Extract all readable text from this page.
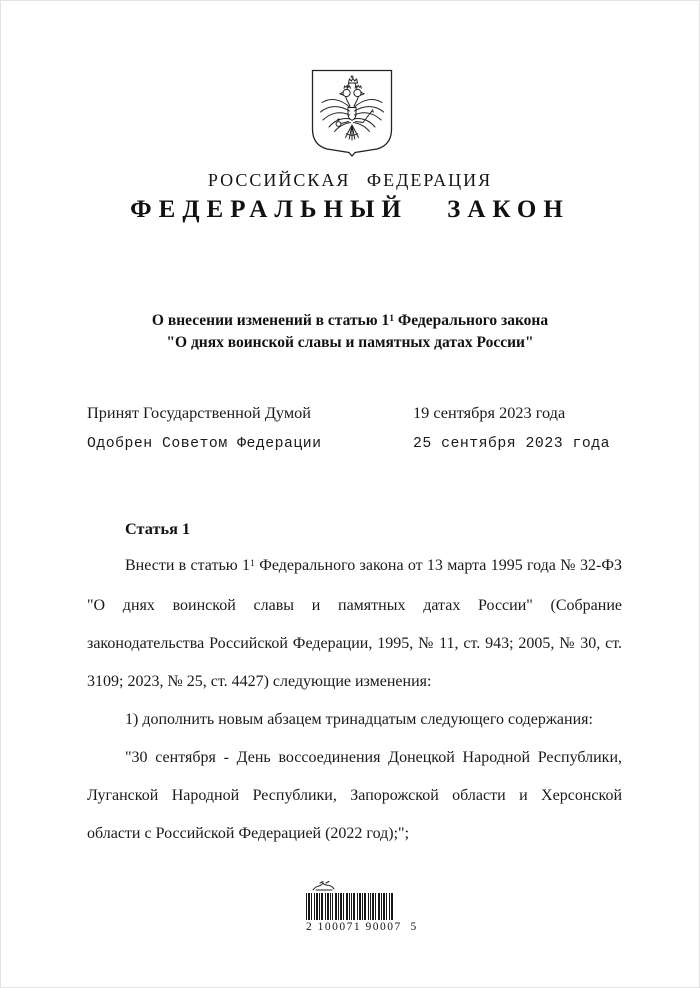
РОССИЙСКАЯ ФЕДЕРАЦИЯ
ФЕДЕРАЛЬНЫЙ ЗАКОН
О внесении изменений в статью $1^1$ Федерального закона
"О днях воинской славы и памятных датах России"
Принят Государственной Думой	19 сентября 2023 года
Одобрен Советом Федерации	25 сентября 2023 года
Статья 1

Внести в статью $1^1$ Федерального закона от 13 марта 1995 года № 32-ФЗ "О днях воинской славы и памятных датах России" (Собрание законодательства Российской Федерации, 1995, № 11, ст. 943; 2005, № 30, ст. 3109; 2023, № 25, ст. 4427) следующие изменения:

1) дополнить новым абзацем тринадцатым следующего содержания:

"30 сентября - День воссоединения Донецкой Народной Республики, Луганской Народной Республики, Запорожской области и Херсонской области с Российской Федерацией (2022 год);";

2 100071 90007  5
